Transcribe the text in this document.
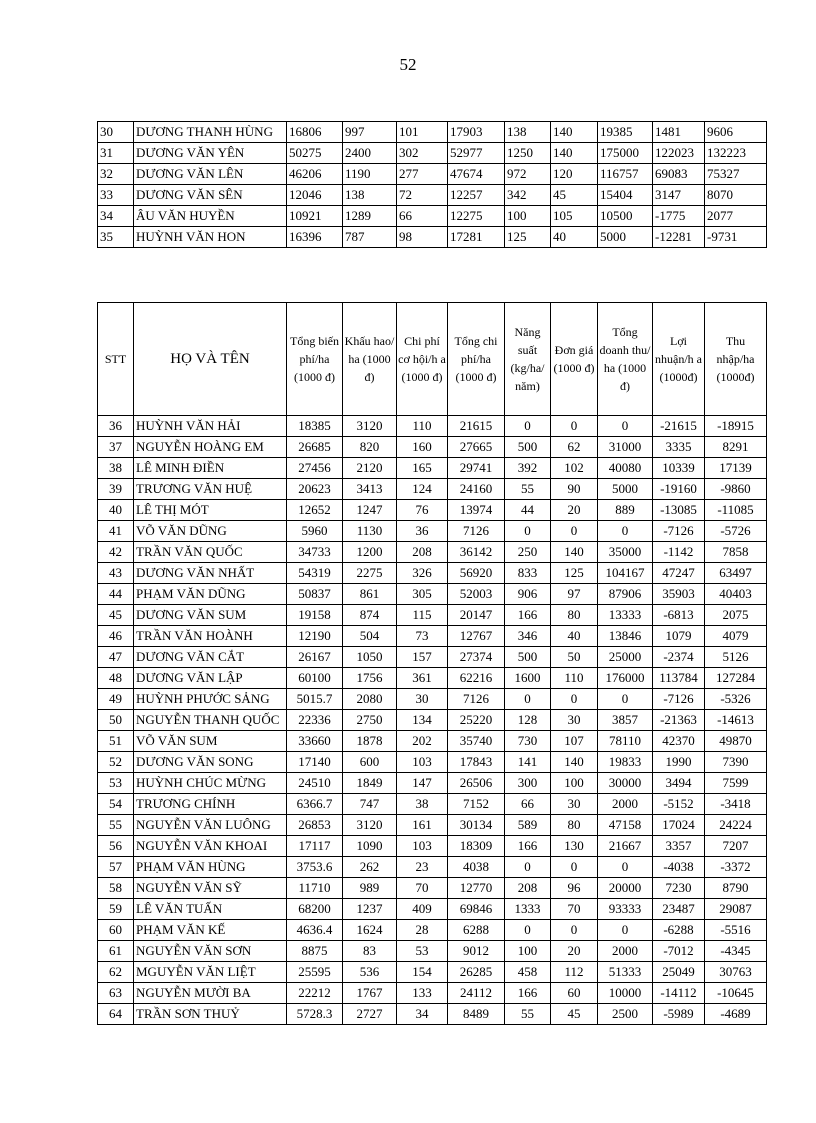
52
30	DƯƠNG THANH HÙNG	16806	997	101	17903	138	140	19385	1481	9606
31	DƯƠNG VĂN YÊN	50275	2400	302	52977	1250	140	175000	122023	132223
32	DƯƠNG VĂN LÊN	46206	1190	277	47674	972	120	116757	69083	75327
33	DƯƠNG VĂN SÊN	12046	138	72	12257	342	45	15404	3147	8070
34	ÂU VĂN HUYỀN	10921	1289	66	12275	100	105	10500	-1775	2077
35	HUỲNH VĂN HON	16396	787	98	17281	125	40	5000	-12281	-9731
STT	HỌ VÀ TÊN	Tổng biến phí/ha (1000 đ)	Khấu hao/ ha (1000 đ)	Chi phí cơ hội/h a (1000 đ)	Tổng chi phí/ha (1000 đ)	Năng suất (kg/ha/ năm)	Đơn giá (1000 đ)	Tổng doanh thu/ ha (1000 đ)	Lợi nhuận/h a (1000đ)	Thu nhập/ha (1000đ)
36	HUỲNH VĂN HẢI	18385	3120	110	21615	0	0	0	-21615	-18915
37	NGUYỄN HOÀNG EM	26685	820	160	27665	500	62	31000	3335	8291
38	LÊ MINH ĐIỀN	27456	2120	165	29741	392	102	40080	10339	17139
39	TRƯƠNG VĂN HUỆ	20623	3413	124	24160	55	90	5000	-19160	-9860
40	LÊ THỊ MÓT	12652	1247	76	13974	44	20	889	-13085	-11085
41	VÕ VĂN DŨNG	5960	1130	36	7126	0	0	0	-7126	-5726
42	TRẦN VĂN QUỐC	34733	1200	208	36142	250	140	35000	-1142	7858
43	DƯƠNG VĂN NHẤT	54319	2275	326	56920	833	125	104167	47247	63497
44	PHẠM VĂN DŨNG	50837	861	305	52003	906	97	87906	35903	40403
45	DƯƠNG VĂN SUM	19158	874	115	20147	166	80	13333	-6813	2075
46	TRẦN VĂN HOÀNH	12190	504	73	12767	346	40	13846	1079	4079
47	DƯƠNG VĂN CẮT	26167	1050	157	27374	500	50	25000	-2374	5126
48	DƯƠNG VĂN LẬP	60100	1756	361	62216	1600	110	176000	113784	127284
49	HUỲNH PHƯỚC SẢNG	5015.7	2080	30	7126	0	0	0	-7126	-5326
50	NGUYỄN THANH QUỐC	22336	2750	134	25220	128	30	3857	-21363	-14613
51	VÕ VĂN SUM	33660	1878	202	35740	730	107	78110	42370	49870
52	DƯƠNG VĂN SONG	17140	600	103	17843	141	140	19833	1990	7390
53	HUỲNH CHÚC MỪNG	24510	1849	147	26506	300	100	30000	3494	7599
54	TRƯƠNG CHÍNH	6366.7	747	38	7152	66	30	2000	-5152	-3418
55	NGUYỄN VĂN LUÔNG	26853	3120	161	30134	589	80	47158	17024	24224
56	NGUYỄN VĂN KHOAI	17117	1090	103	18309	166	130	21667	3357	7207
57	PHẠM VĂN HÙNG	3753.6	262	23	4038	0	0	0	-4038	-3372
58	NGUYỄN VĂN SỸ	11710	989	70	12770	208	96	20000	7230	8790
59	LÊ VĂN TUẤN	68200	1237	409	69846	1333	70	93333	23487	29087
60	PHẠM VĂN KẾ	4636.4	1624	28	6288	0	0	0	-6288	-5516
61	NGUYỄN VĂN SƠN	8875	83	53	9012	100	20	2000	-7012	-4345
62	MGUYỄN VĂN LIỆT	25595	536	154	26285	458	112	51333	25049	30763
63	NGUYỄN MƯỜI BA	22212	1767	133	24112	166	60	10000	-14112	-10645
64	TRẦN SƠN THUỶ	5728.3	2727	34	8489	55	45	2500	-5989	-4689
